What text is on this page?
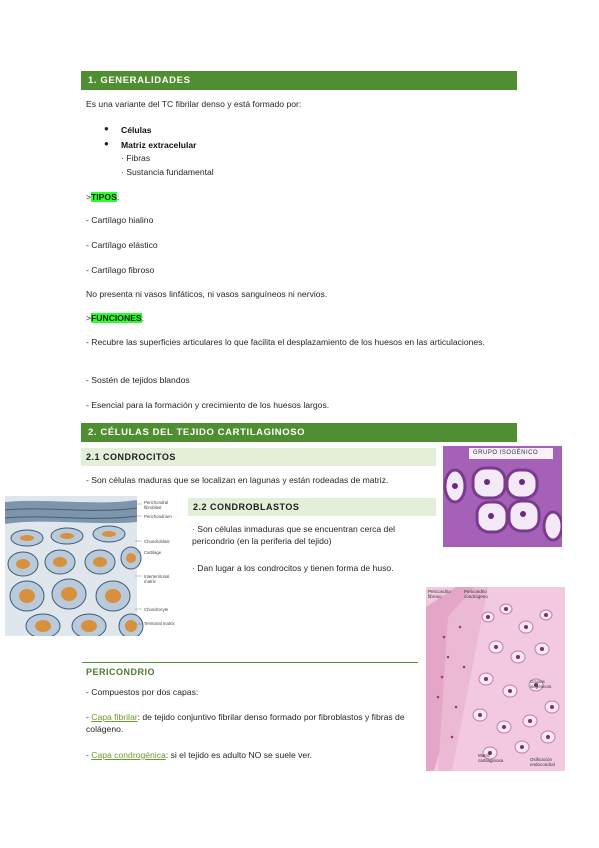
1. GENERALIDADES
Es una variante del TC fibrilar denso y está formado por:
● Células
● Matriz extracelular
· Fibras
· Sustancia fundamental
>TIPOS:
- Cartílago hialino
- Cartílago elástico
- Cartílago fibroso
No presenta ni vasos linfáticos, ni vasos sanguíneos ni nervios.
>FUNCIONES:
- Recubre las superficies articulares lo que facilita el desplazamiento de los huesos en las articulaciones.
- Sostén de tejidos blandos
- Esencial para la formación y crecimiento de los huesos largos.
2. CÉLULAS DEL TEJIDO CARTILAGINOSO
2.1 CONDROCITOS
- Son células maduras que se localizan en lagunas y están rodeadas de matriz.
2.2 CONDROBLASTOS
· Son células inmaduras que se encuentran cerca del pericondrio (en la periferia del tejido)
· Dan lugar a los condrocitos y tienen forma de huso.
Perichondral fibroblast
Perichondrium
Chondroblast
Cartilage
Interterritorial matrix
Chondrocyte
Territorial matrix
GRUPO ISOGÉNICO
PERICONDRIO
- Compuestos por dos capas:
- Capa fibrilar: de tejido conjuntivo fibrilar denso formado por fibroblastos y fibras de colágeno.
- Capa condrogénica: si el tejido es adulto NO se suele ver.
Pericondrio fibroso
Pericondrio condrógeno
Grupos isogénicos
Matriz cartilaginosa	Osificación endocondral
